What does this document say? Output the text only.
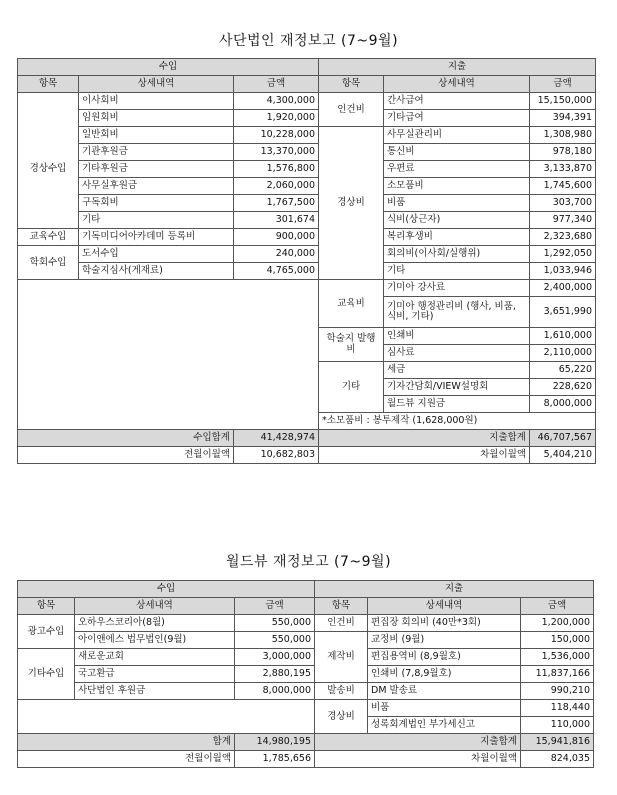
사단법인 재정보고 (7~9월)
수입			지출		
항목	상세내역	금액	항목	상세내역	금액
	이사회비	4,300,000	인건비	간사급여	15,150,000
경상수입	임원회비	1,920,000		기타급여	394,391
	일반회비	10,228,000	경상비	사무실관리비	1,308,980
	기관후원금	13,370,000		통신비	978,180
	기타후원금	1,576,800		우편료	3,133,870
	사무실후원금	2,060,000		소모품비	1,745,600
	구독회비	1,767,500		비품	303,700
	기타	301,674		식비(상근자)	977,340
교육수입	기독미디어아카데미 등록비	900,000		복리후생비	2,323,680
학회수입	도서수입	240,000		회의비(이사회/실행위)	1,292,050
	학술지심사(게재료)	4,765,000		기타	1,033,946
			교육비	기미아 강사료	2,400,000
				기미아 행정관리비 (행사, 비품, 식비, 기타)	3,651,990
			학술지 발행비	인쇄비	1,610,000
				심사료	2,110,000
			기타	세금	65,220
				기자간담회/VIEW설명회	228,620
				월드뷰 지원금	8,000,000
			*소모품비 : 봉투제작 (1,628,000원)		
수입합계		41,428,974	지출합계		46,707,567
전월이월액		10,682,803	차월이월액		5,404,210
월드뷰 재정보고 (7~9월)
수입			지출		
항목	상세내역	금액	항목	상세내역	금액
광고수입	오하우스코리아(8월)	550,000	인건비	편집장 회의비 (40만*3회)	1,200,000
	아이앤에스 법무법인(9월)	550,000	제작비	교정비 (9월)	150,000
기타수입	새로운교회	3,000,000		편집용역비 (8,9월호)	1,536,000
	국고환급	2,880,195		인쇄비 (7,8,9월호)	11,837,166
	사단법인 후원금	8,000,000	발송비	DM 발송료	990,210
			경상비	비품	118,440
				성록회계법인 부가세신고	110,000
합계		14,980,195	지출합계		15,941,816
전월이월액		1,785,656	차월이월액		824,035
